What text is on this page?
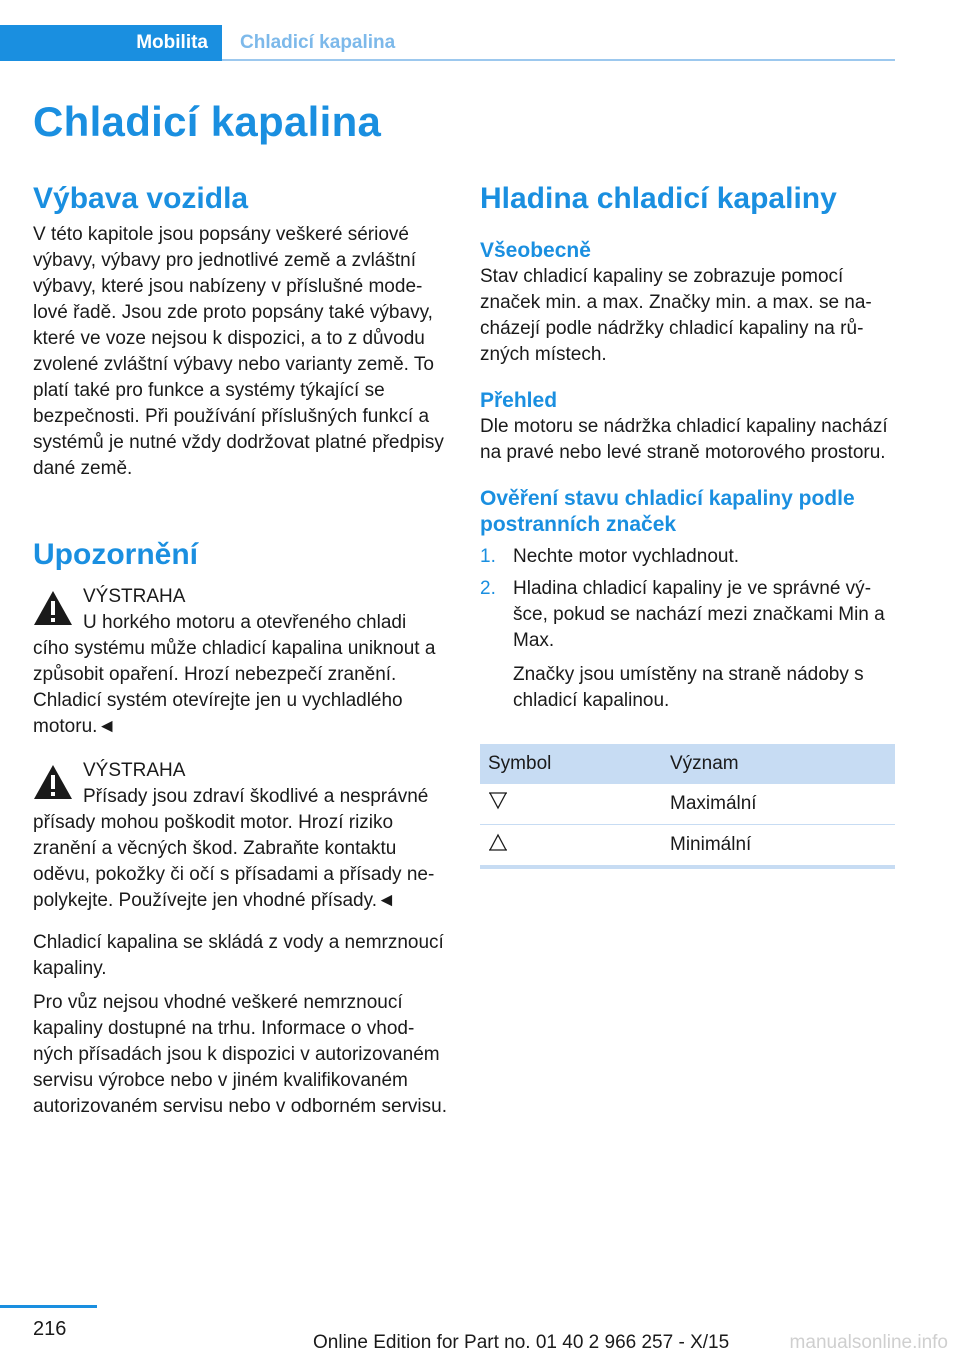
Mobilita	Chladicí kapalina
Chladicí kapalina
Výbava vozidla

V této kapitole jsou popsány veškeré sériové výbavy, výbavy pro jednotlivé země a zvláštní výbavy, které jsou nabízeny v příslušné modelové řadě. Jsou zde proto popsány také výbavy, které ve voze nejsou k dispozici, a to z důvodu zvolené zvláštní výbavy nebo varianty země. To platí také pro funkce a systémy týkající se bezpečnosti. Při používání příslušných funkcí a systémů je nutné vždy dodržovat platné předpisy dané země.

Upozornění
VÝSTRAHA

U horkého motoru a otevřeného chladi

cího systému může chladicí kapalina uniknout a způsobit opaření. Hrozí nebezpečí zranění. Chladicí systém otevírejte jen u vychladlého motoru.◄

VÝSTRAHA

Přísady jsou zdraví škodlivé a nesprávné

přísady mohou poškodit motor. Hrozí riziko zranění a věcných škod. Zabraňte kontaktu oděvu, pokožky či očí s přísadami a přísady nepolykejte. Používejte jen vhodné přísady.◄

Chladicí kapalina se skládá z vody a nemrznoucí kapaliny.

Pro vůz nejsou vhodné veškeré nemrznoucí kapaliny dostupné na trhu. Informace o vhodných přísadách jsou k dispozici v autorizovaném servisu výrobce nebo v jiném kvalifikovaném autorizovaném servisu nebo v odborném servisu.

Hladina chladicí kapaliny
Všeobecně

Stav chladicí kapaliny se zobrazuje pomocí značek min. a max. Značky min. a max. se nacházejí podle nádržky chladicí kapaliny na různých místech.

Přehled

Dle motoru se nádržka chladicí kapaliny nachází na pravé nebo levé straně motorového prostoru.

Ověření stavu chladicí kapaliny podle postranních značek
1. Nechte motor vychladnout.
2. Hladina chladicí kapaliny je ve správné výšce, pokud se nachází mezi značkami Min a Max.

Značky jsou umístěny na straně nádoby s chladicí kapalinou.

Symbol	Význam
	Maximální
	Minimální
216
Online Edition for Part no. 01 40 2 966 257 - X/15	manualsonline.info
